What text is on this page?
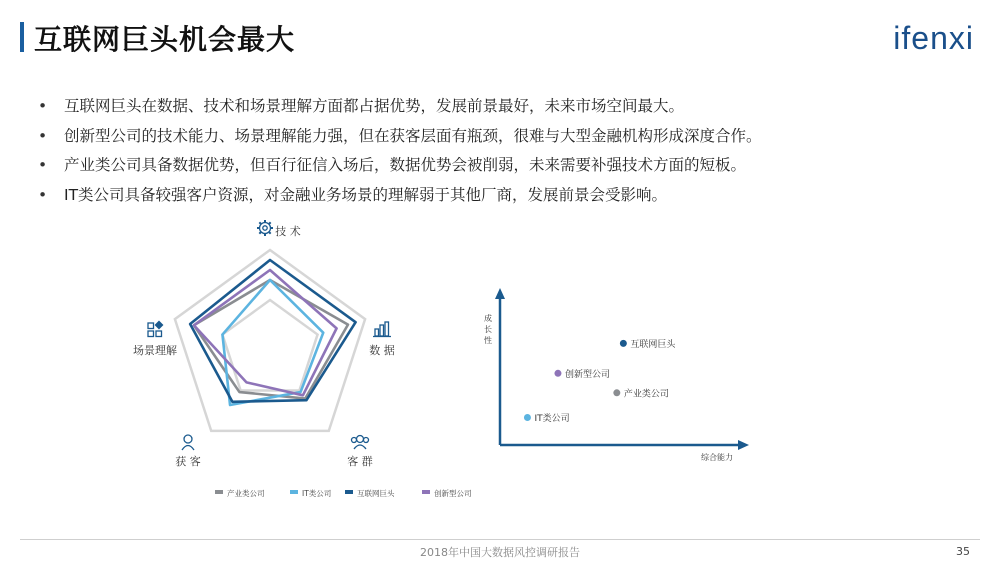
互联网巨头机会最大	ifenxi
• 互联网巨头在数据、技术和场景理解方面都占据优势，发展前景最好，未来市场空间最大。
• 创新型公司的技术能力、场景理解能力强，但在获客层面有瓶颈，很难与大型金融机构形成深度合作。
• 产业类公司具备数据优势，但百行征信入场后，数据优势会被削弱，未来需要补强技术方面的短板。
• IT类公司具备较强客户资源，对金融业务场景的理解弱于其他厂商，发展前景会受影响。
技 术
数 据
客 群
获 客
场景理解
产业类公司	IT类公司	互联网巨头	创新型公司
综合能力
成长性	互联网巨头
创新型公司
产业类公司
IT类公司
2018年中国大数据风控调研报告	35
